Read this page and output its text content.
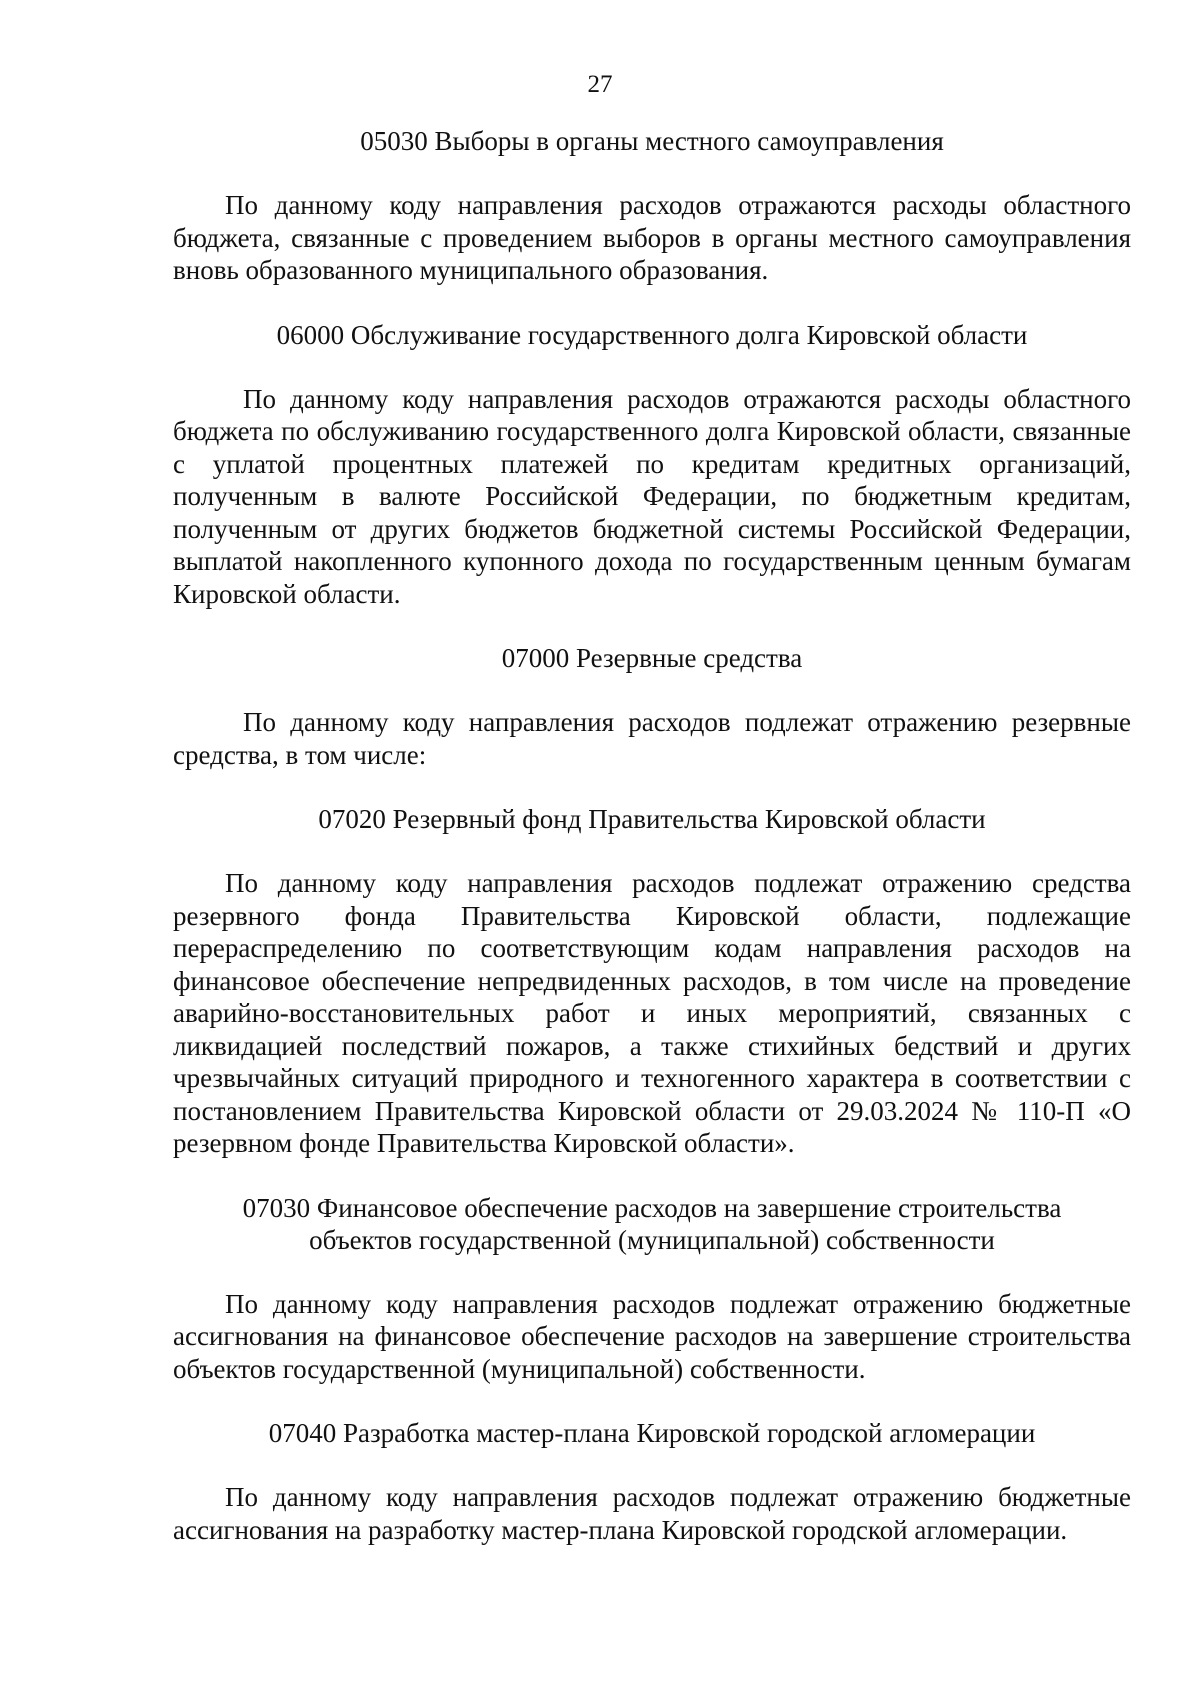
27

05030 Выборы в органы местного самоуправления

По данному коду направления расходов отражаются расходы областного бюджета, связанные с проведением выборов в органы местного самоуправления вновь образованного муниципального образования.

06000 Обслуживание государственного долга Кировской области

По данному коду направления расходов отражаются расходы областного бюджета по обслуживанию государственного долга Кировской области, связанные с уплатой процентных платежей по кредитам кредитных организаций, полученным в валюте Российской Федерации, по бюджетным кредитам, полученным от других бюджетов бюджетной системы Российской Федерации, выплатой накопленного купонного дохода по государственным ценным бумагам Кировской области.

07000 Резервные средства

По данному коду направления расходов подлежат отражению резервные средства, в том числе:

07020 Резервный фонд Правительства Кировской области

По данному коду направления расходов подлежат отражению средства резервного фонда Правительства Кировской области, подлежащие перераспределению по соответствующим кодам направления расходов на финансовое обеспечение непредвиденных расходов, в том числе на проведение аварийно-восстановительных работ и иных мероприятий, связанных с ликвидацией последствий пожаров, а также стихийных бедствий и других чрезвычайных ситуаций природного и техногенного характера в соответствии с постановлением Правительства Кировской области от 29.03.2024 № 110-П «О резервном фонде Правительства Кировской области».

07030 Финансовое обеспечение расходов на завершение строительства

объектов государственной (муниципальной) собственности

По данному коду направления расходов подлежат отражению бюджетные ассигнования на финансовое обеспечение расходов на завершение строительства объектов государственной (муниципальной) собственности.

07040 Разработка мастер-плана Кировской городской агломерации

По данному коду направления расходов подлежат отражению бюджетные ассигнования на разработку мастер-плана Кировской городской агломерации.
